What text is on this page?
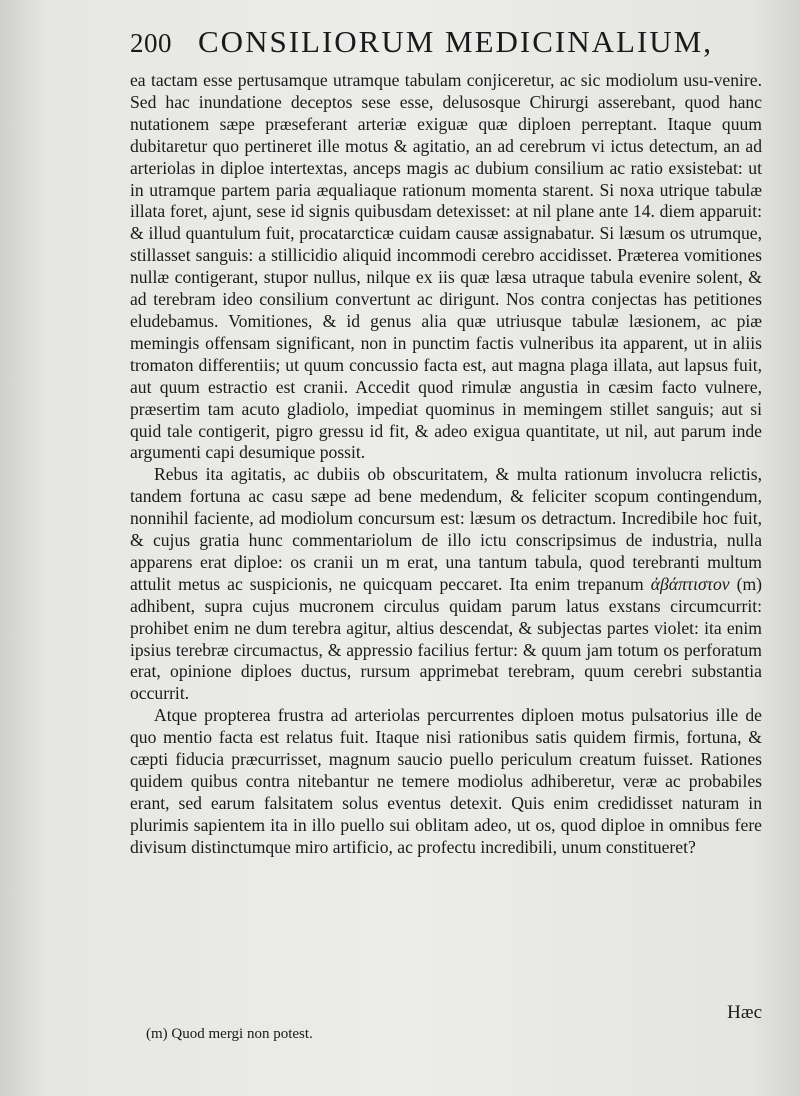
200 CONSILIORUM MEDICINALIUM,

ea tactam esse pertusamque utramque tabulam conjiceretur, ac sic modiolum usu-venire. Sed hac inundatione deceptos sese esse, delusosque Chirurgi asserebant, quod hanc nutationem sæpe præseferant arteriæ exiguæ quæ diploen perreptant. Itaque quum dubitaretur quo pertineret ille motus & agitatio, an ad cerebrum vi ictus detectum, an ad arteriolas in diploe intertextas, anceps magis ac dubium consilium ac ratio exsistebat: ut in utramque partem paria æqualiaque rationum momenta starent. Si noxa utrique tabulæ illata foret, ajunt, sese id signis quibusdam detexisset: at nil plane ante 14. diem apparuit: & illud quantulum fuit, procatarcticæ cuidam causæ assignabatur. Si læsum os utrumque, stillasset sanguis: a stillicidio aliquid incommodi cerebro accidisset. Præterea vomitiones nullæ contigerant, stupor nullus, nilque ex iis quæ læsa utraque tabula evenire solent, & ad terebram ideo consilium convertunt ac dirigunt. Nos contra conjectas has petitiones eludebamus. Vomitiones, & id genus alia quæ utriusque tabulæ læsionem, ac piæ memingis offensam significant, non in punctim factis vulneribus ita apparent, ut in aliis tromaton differentiis; ut quum concussio facta est, aut magna plaga illata, aut lapsus fuit, aut quum estractio est cranii. Accedit quod rimulæ angustia in cæsim facto vulnere, præsertim tam acuto gladiolo, impediat quominus in memingem stillet sanguis; aut si quid tale contigerit, pigro gressu id fit, & adeo exigua quantitate, ut nil, aut parum inde argumenti capi desumique possit.

Rebus ita agitatis, ac dubiis ob obscuritatem, & multa rationum involucra relictis, tandem fortuna ac casu sæpe ad bene medendum, & feliciter scopum contingendum, nonnihil faciente, ad modiolum concursum est: læsum os detractum. Incredibile hoc fuit, & cujus gratia hunc commentariolum de illo ictu conscripsimus de industria, nulla apparens erat diploe: os cranii un m erat, una tantum tabula, quod terebranti multum attulit metus ac suspicionis, ne quicquam peccaret. Ita enim trepanum ἀβάπτιστον (m) adhibent, supra cujus mucronem circulus quidam parum latus exstans circumcurrit: prohibet enim ne dum terebra agitur, altius descendat, & subjectas partes violet: ita enim ipsius terebræ circumactus, & appressio facilius fertur: & quum jam totum os perforatum erat, opinione diploes ductus, rursum apprimebat terebram, quum cerebri substantia occurrit.

Atque propterea frustra ad arteriolas percurrentes diploen motus pulsatorius ille de quo mentio facta est relatus fuit. Itaque nisi rationibus satis quidem firmis, fortuna, & cæpti fiducia præcurrisset, magnum saucio puello periculum creatum fuisset. Rationes quidem quibus contra nitebantur ne temere modiolus adhiberetur, veræ ac probabiles erant, sed earum falsitatem solus eventus detexit. Quis enim credidisset naturam in plurimis sapientem ita in illo puello sui oblitam adeo, ut os, quod diploe in omnibus fere divisum distinctumque miro artificio, ac profectu incredibili, unum constitueret?

Hæc
(m) Quod mergi non potest.
